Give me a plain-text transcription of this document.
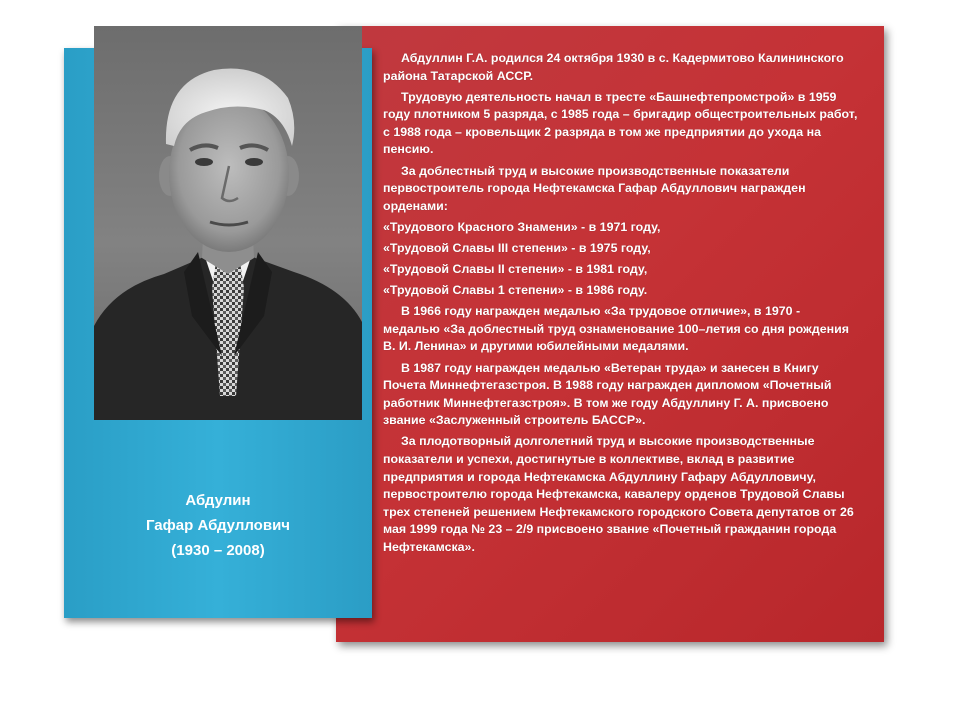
Абдулин
Гафар Абдуллович
(1930 – 2008)

Абдуллин Г.А. родился 24 октября 1930 в с. Кадермитово Калининского района Татарской АССР.

Трудовую деятельность начал в тресте «Башнефтепромстрой» в 1959 году плотником 5 разряда, с 1985 года – бригадир общестроительных работ, с 1988 года – кровельщик 2 разряда в том же предприятии до ухода на пенсию.

За доблестный труд и высокие производственные показатели первостроитель города Нефтекамска Гафар Абдуллович награжден орденами:

«Трудового Красного Знамени» - в 1971 году,

«Трудовой Славы III степени» - в 1975 году,

«Трудовой Славы II степени» - в 1981 году,

«Трудовой Славы 1 степени» - в 1986 году.

В 1966 году награжден медалью «За трудовое отличие», в 1970 - медалью «За доблестный труд ознаменование 100–летия со дня рождения В. И. Ленина» и другими юбилейными медалями.

В 1987 году награжден медалью «Ветеран труда» и занесен в Книгу Почета Миннефтегазстроя. В 1988 году награжден дипломом «Почетный работник Миннефтегазстроя». В том же году Абдуллину Г. А. присвоено звание «Заслуженный строитель БАССР».

За плодотворный долголетний труд и высокие производственные показатели и успехи, достигнутые в коллективе, вклад в развитие предприятия и города Нефтекамска Абдуллину Гафару Абдулловичу, первостроителю города Нефтекамска, кавалеру орденов Трудовой Славы трех степеней решением Нефтекамского городского Совета депутатов от 26 мая 1999 года № 23 – 2/9 присвоено звание «Почетный гражданин города Нефтекамска».
